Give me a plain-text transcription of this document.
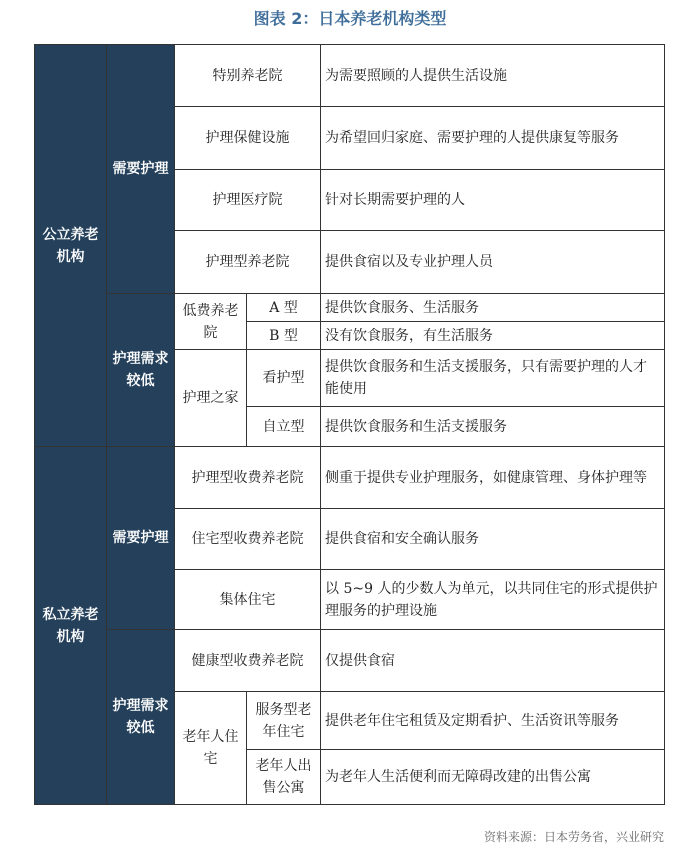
图表 2：日本养老机构类型
公立养老机构	需要护理	特别养老院		为需要照顾的人提供生活设施
		护理保健设施		为希望回归家庭、需要护理的人提供康复等服务
		护理医疗院		针对长期需要护理的人
		护理型养老院		提供食宿以及专业护理人员
	护理需求较低	低费养老院	A 型	提供饮食服务、生活服务
			B 型	没有饮食服务，有生活服务
		护理之家	看护型	提供饮食服务和生活支援服务，只有需要护理的人才能使用
			自立型	提供饮食服务和生活支援服务
私立养老机构	需要护理	护理型收费养老院		侧重于提供专业护理服务，如健康管理、身体护理等
		住宅型收费养老院		提供食宿和安全确认服务
		集体住宅		以 5~9 人的少数人为单元，以共同住宅的形式提供护理服务的护理设施
	护理需求较低	健康型收费养老院		仅提供食宿
		老年人住宅	服务型老年住宅	提供老年住宅租赁及定期看护、生活资讯等服务
			老年人出售公寓	为老年人生活便利而无障碍改建的出售公寓
资料来源：日本劳务省，兴业研究
